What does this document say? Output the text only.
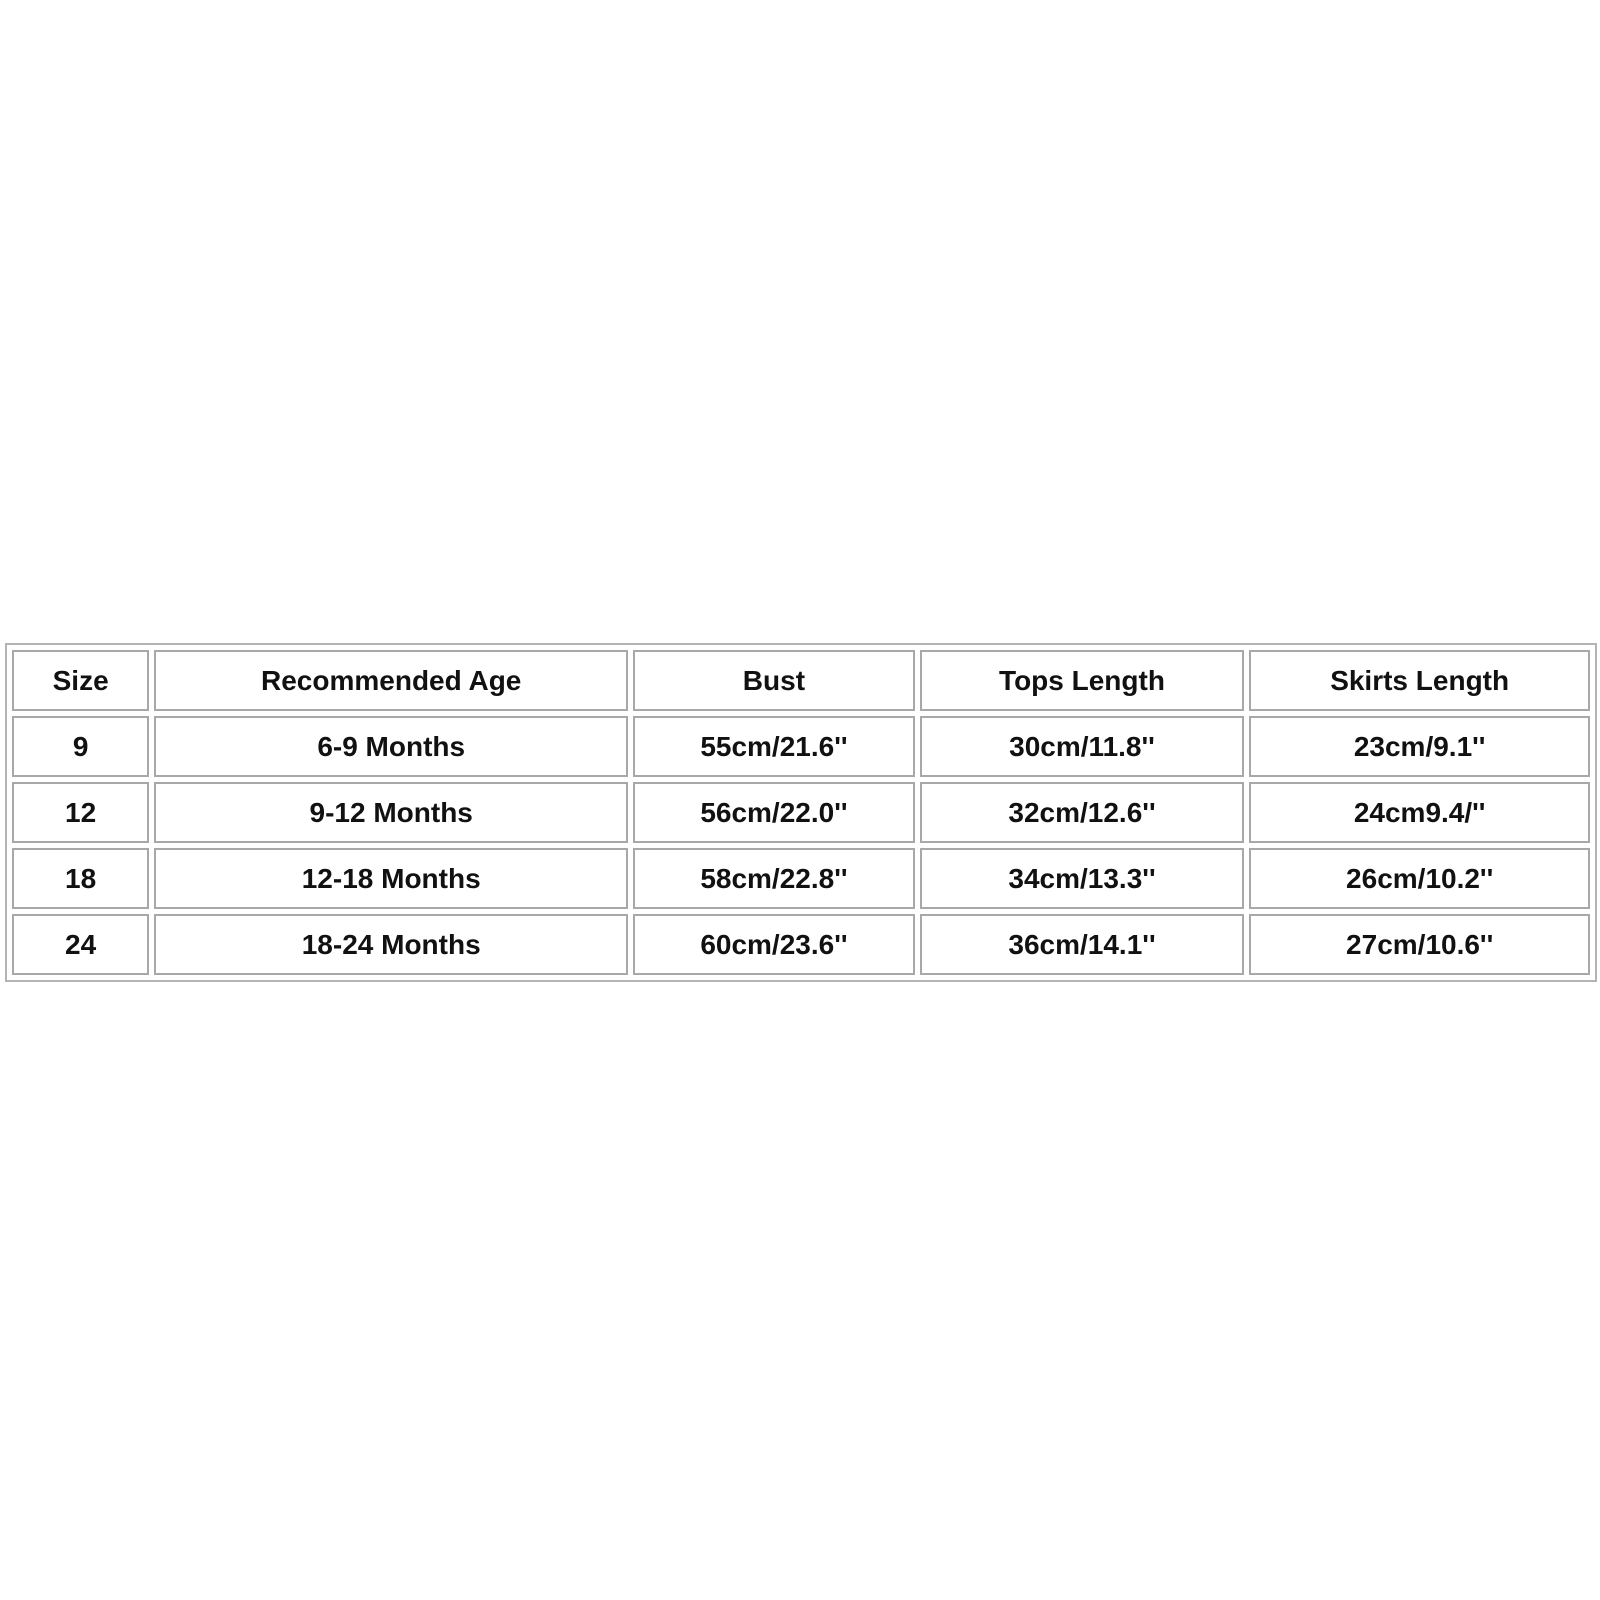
Size	Recommended Age	Bust	Tops Length	Skirts Length
9	6-9 Months	55cm/21.6''	30cm/11.8''	23cm/9.1''
12	9-12 Months	56cm/22.0''	32cm/12.6''	24cm9.4/''
18	12-18 Months	58cm/22.8''	34cm/13.3''	26cm/10.2''
24	18-24 Months	60cm/23.6''	36cm/14.1''	27cm/10.6''
